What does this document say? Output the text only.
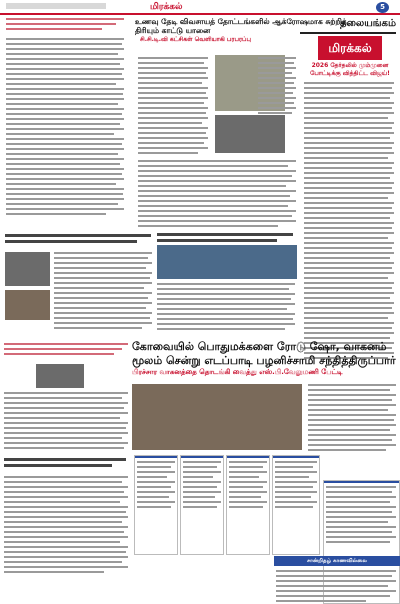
மிரக்கல்	5
உணவு தேடி விவசாயத் தோட்டங்களில் ஆக்ரோஷமாக சுற்றித் திரியும் காட்டு யானை
சி.சி.டி.வி கட்சிகள் வெளியாகி பரபரப்பு
தலையங்கம்
மிரக்கல்
2026 தேர்தலில் மும்முனை போட்டிக்கு வித்திட்ட விஜய்!
கோவையில் பொதுமக்களை ரோடு ஷோ, வாகனம்
மூலம் சென்று எடப்பாடி பழனிச்சாமி சந்தித்திருப்பார்
பிரச்சார வாகனத்தை தொடங்கி வைத்து எஸ்.பி.வேலுமணி பேட்டி
சான்றிதழ் காணவில்லை
